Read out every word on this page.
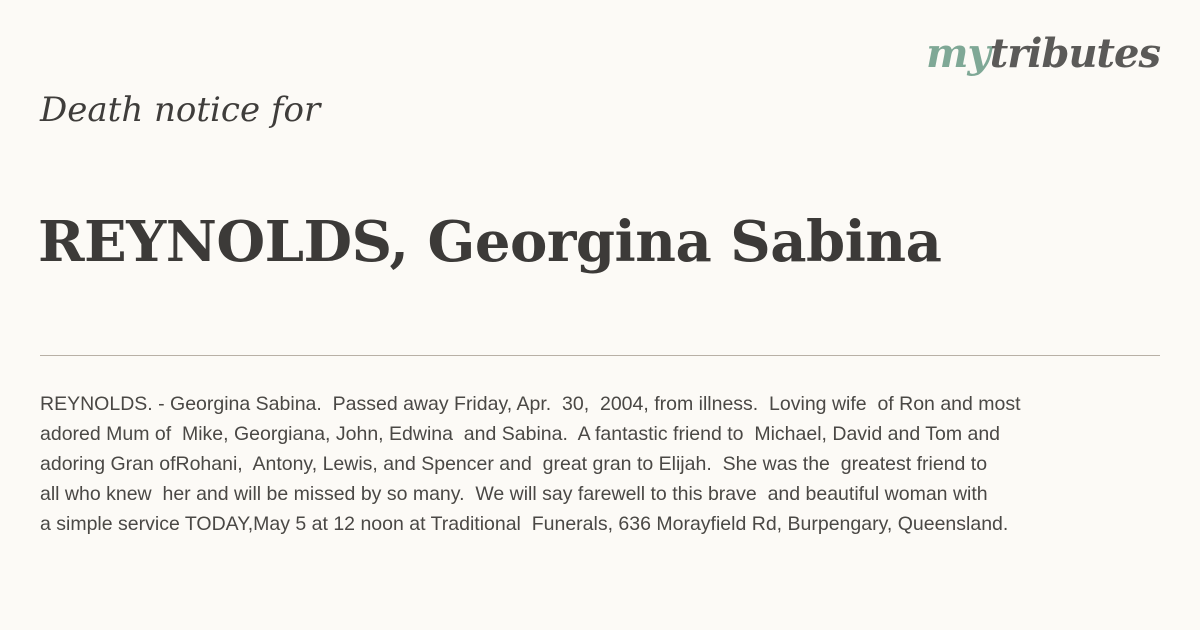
mytributes
Death notice for
REYNOLDS, Georgina Sabina
REYNOLDS. - Georgina Sabina.  Passed away Friday, Apr.  30,  2004, from illness.  Loving wife  of Ron and most
adored Mum of  Mike, Georgiana, John, Edwina  and Sabina.  A fantastic friend to  Michael, David and Tom and
adoring Gran ofRohani,  Antony, Lewis, and Spencer and  great gran to Elijah.  She was the  greatest friend to
all who knew  her and will be missed by so many.  We will say farewell to this brave  and beautiful woman with
a simple service TODAY,May 5 at 12 noon at Traditional  Funerals, 636 Morayfield Rd, Burpengary, Queensland.
